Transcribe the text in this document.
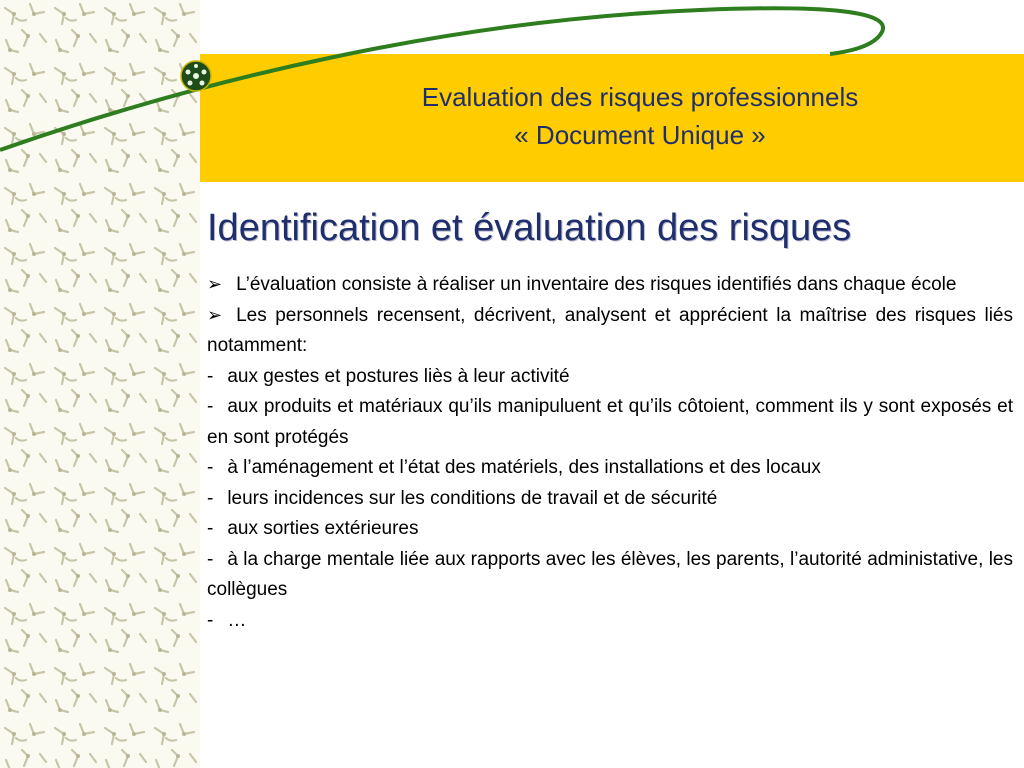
Evaluation des risques professionnels
« Document Unique »
Identification et évaluation des risques

➢ L’évaluation consiste à réaliser un inventaire des risques identifiés dans chaque école

➢ Les personnels recensent, décrivent, analysent et apprécient la maîtrise des risques liés notamment:

- aux gestes et postures liès à leur activité

- aux produits et matériaux qu’ils manipuluent et qu’ils côtoient, comment ils y sont exposés et en sont protégés

- à l’aménagement et l’état des matériels, des installations et des locaux

- leurs incidences sur les conditions de travail et de sécurité

- aux sorties extérieures

- à la charge mentale liée aux rapports avec les élèves, les parents, l’autorité administative, les collègues

- …
